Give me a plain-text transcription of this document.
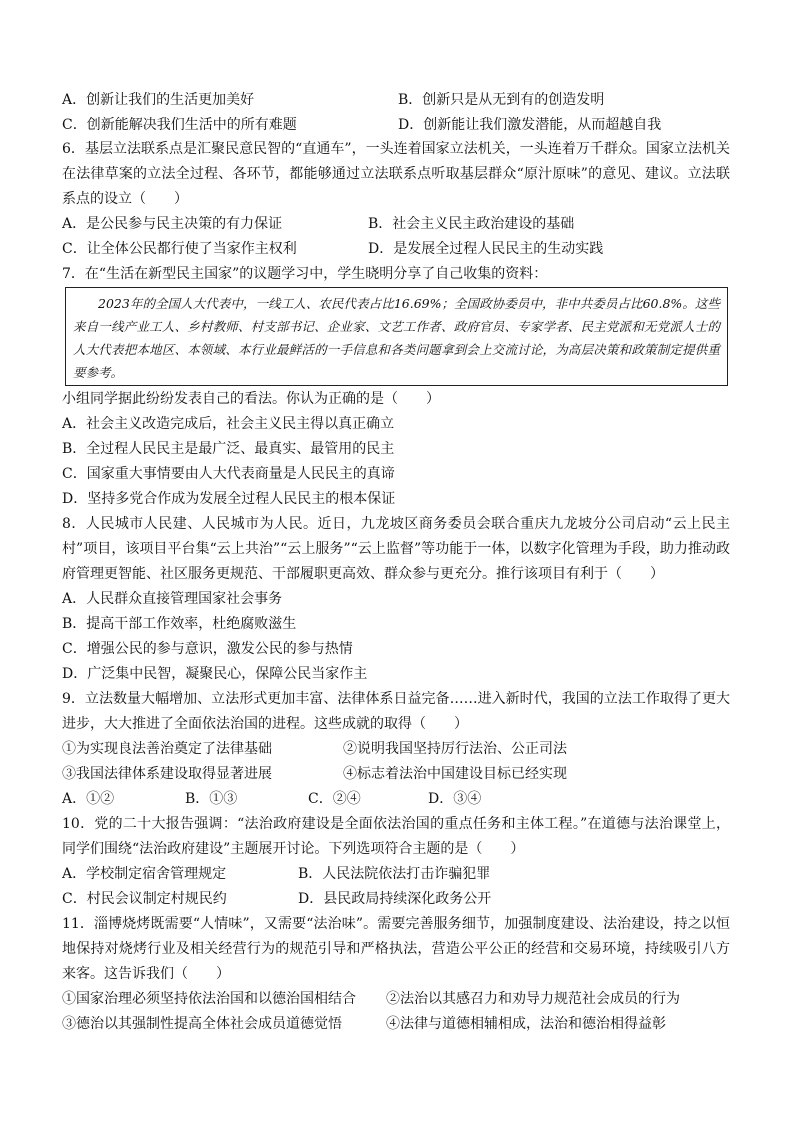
A．创新让我们的生活更加美好	B．创新只是从无到有的创造发明
C．创新能解决我们生活中的所有难题	D．创新能让我们激发潜能，从而超越自我
6．基层立法联系点是汇聚民意民智的“直通车”，一头连着国家立法机关，一头连着万千群众。国家立法机关在法律草案的立法全过程、各环节，都能够通过立法联系点听取基层群众“原汁原味”的意见、建议。立法联系点的设立（　　）
A．是公民参与民主决策的有力保证	B．社会主义民主政治建设的基础
C．让全体公民都行使了当家作主权利	D．是发展全过程人民民主的生动实践
7．在“生活在新型民主国家”的议题学习中，学生晓明分享了自己收集的资料：
2023年的全国人大代表中，一线工人、农民代表占比16.69%；全国政协委员中，非中共委员占比60.8%。这些来自一线产业工人、乡村教师、村支部书记、企业家、文艺工作者、政府官员、专家学者、民主党派和无党派人士的人大代表把本地区、本领域、本行业最鲜活的一手信息和各类问题拿到会上交流讨论，为高层决策和政策制定提供重要参考。
小组同学据此纷纷发表自己的看法。你认为正确的是（　　）
A．社会主义改造完成后，社会主义民主得以真正确立
B．全过程人民民主是最广泛、最真实、最管用的民主
C．国家重大事情要由人大代表商量是人民民主的真谛
D．坚持多党合作成为发展全过程人民民主的根本保证
8．人民城市人民建、人民城市为人民。近日，九龙坡区商务委员会联合重庆九龙坡分公司启动“云上民主村”项目，该项目平台集“云上共治”“云上服务”“云上监督”等功能于一体，以数字化管理为手段，助力推动政府管理更智能、社区服务更规范、干部履职更高效、群众参与更充分。推行该项目有利于（　　）
A．人民群众直接管理国家社会事务
B．提高干部工作效率，杜绝腐败滋生
C．增强公民的参与意识，激发公民的参与热情
D．广泛集中民智，凝聚民心，保障公民当家作主
9．立法数量大幅增加、立法形式更加丰富、法律体系日益完备……进入新时代，我国的立法工作取得了更大进步，大大推进了全面依法治国的进程。这些成就的取得（　　）
①为实现良法善治奠定了法律基础	②说明我国坚持厉行法治、公正司法
③我国法律体系建设取得显著进展	④标志着法治中国建设目标已经实现
A．①②	B．①③	C．②④	D．③④
10．党的二十大报告强调：“法治政府建设是全面依法治国的重点任务和主体工程。”在道德与法治课堂上，同学们围绕“法治政府建设”主题展开讨论。下列选项符合主题的是（　　）
A．学校制定宿舍管理规定	B．人民法院依法打击诈骗犯罪
C．村民会议制定村规民约	D．县民政局持续深化政务公开
11．淄博烧烤既需要“人情味”，又需要“法治味”。需要完善服务细节，加强制度建设、法治建设，持之以恒地保持对烧烤行业及相关经营行为的规范引导和严格执法，营造公平公正的经营和交易环境，持续吸引八方来客。这告诉我们（　　）
①国家治理必须坚持依法治国和以德治国相结合 ②法治以其感召力和劝导力规范社会成员的行为
③德治以其强制性提高全体社会成员道德觉悟	④法律与道德相辅相成，法治和德治相得益彰
